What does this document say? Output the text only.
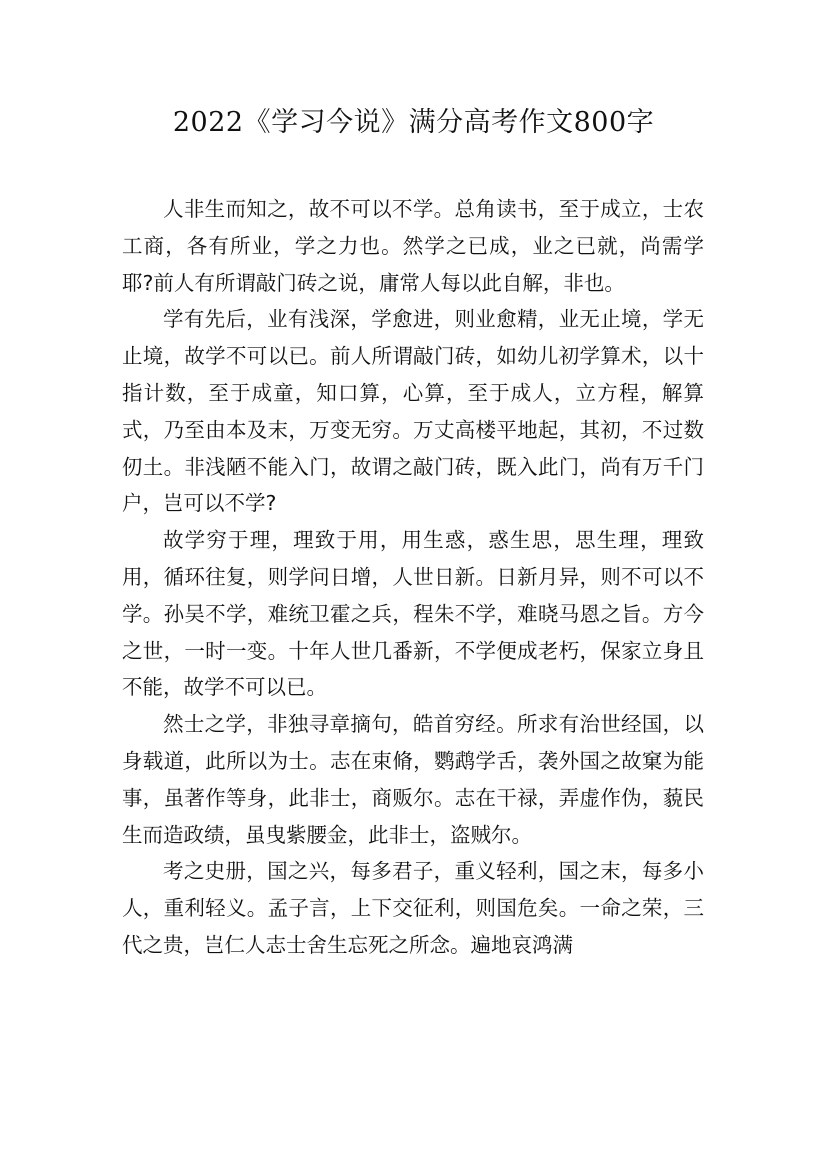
2022《学习今说》满分高考作文800字

人非生而知之，故不可以不学。总角读书，至于成立，士农工商，各有所业，学之力也。然学之已成，业之已就，尚需学耶?前人有所谓敲门砖之说，庸常人每以此自解，非也。

学有先后，业有浅深，学愈进，则业愈精，业无止境，学无止境，故学不可以已。前人所谓敲门砖，如幼儿初学算术，以十指计数，至于成童，知口算，心算，至于成人，立方程，解算式，乃至由本及末，万变无穷。万丈高楼平地起，其初，不过数仞土。非浅陋不能入门，故谓之敲门砖，既入此门，尚有万千门户，岂可以不学?

故学穷于理，理致于用，用生惑，惑生思，思生理，理致用，循环往复，则学问日增，人世日新。日新月异，则不可以不学。孙吴不学，难统卫霍之兵，程朱不学，难晓马恩之旨。方今之世，一时一变。十年人世几番新，不学便成老朽，保家立身且不能，故学不可以已。

然士之学，非独寻章摘句，皓首穷经。所求有治世经国，以身载道，此所以为士。志在束脩，鹦鹉学舌，袭外国之故窠为能事，虽著作等身，此非士，商贩尔。志在干禄，弄虚作伪，藐民生而造政绩，虽曳紫腰金，此非士，盗贼尔。

考之史册，国之兴，每多君子，重义轻利，国之末，每多小人，重利轻义。孟子言，上下交征利，则国危矣。一命之荣，三代之贵，岂仁人志士舍生忘死之所念。遍地哀鸿满
